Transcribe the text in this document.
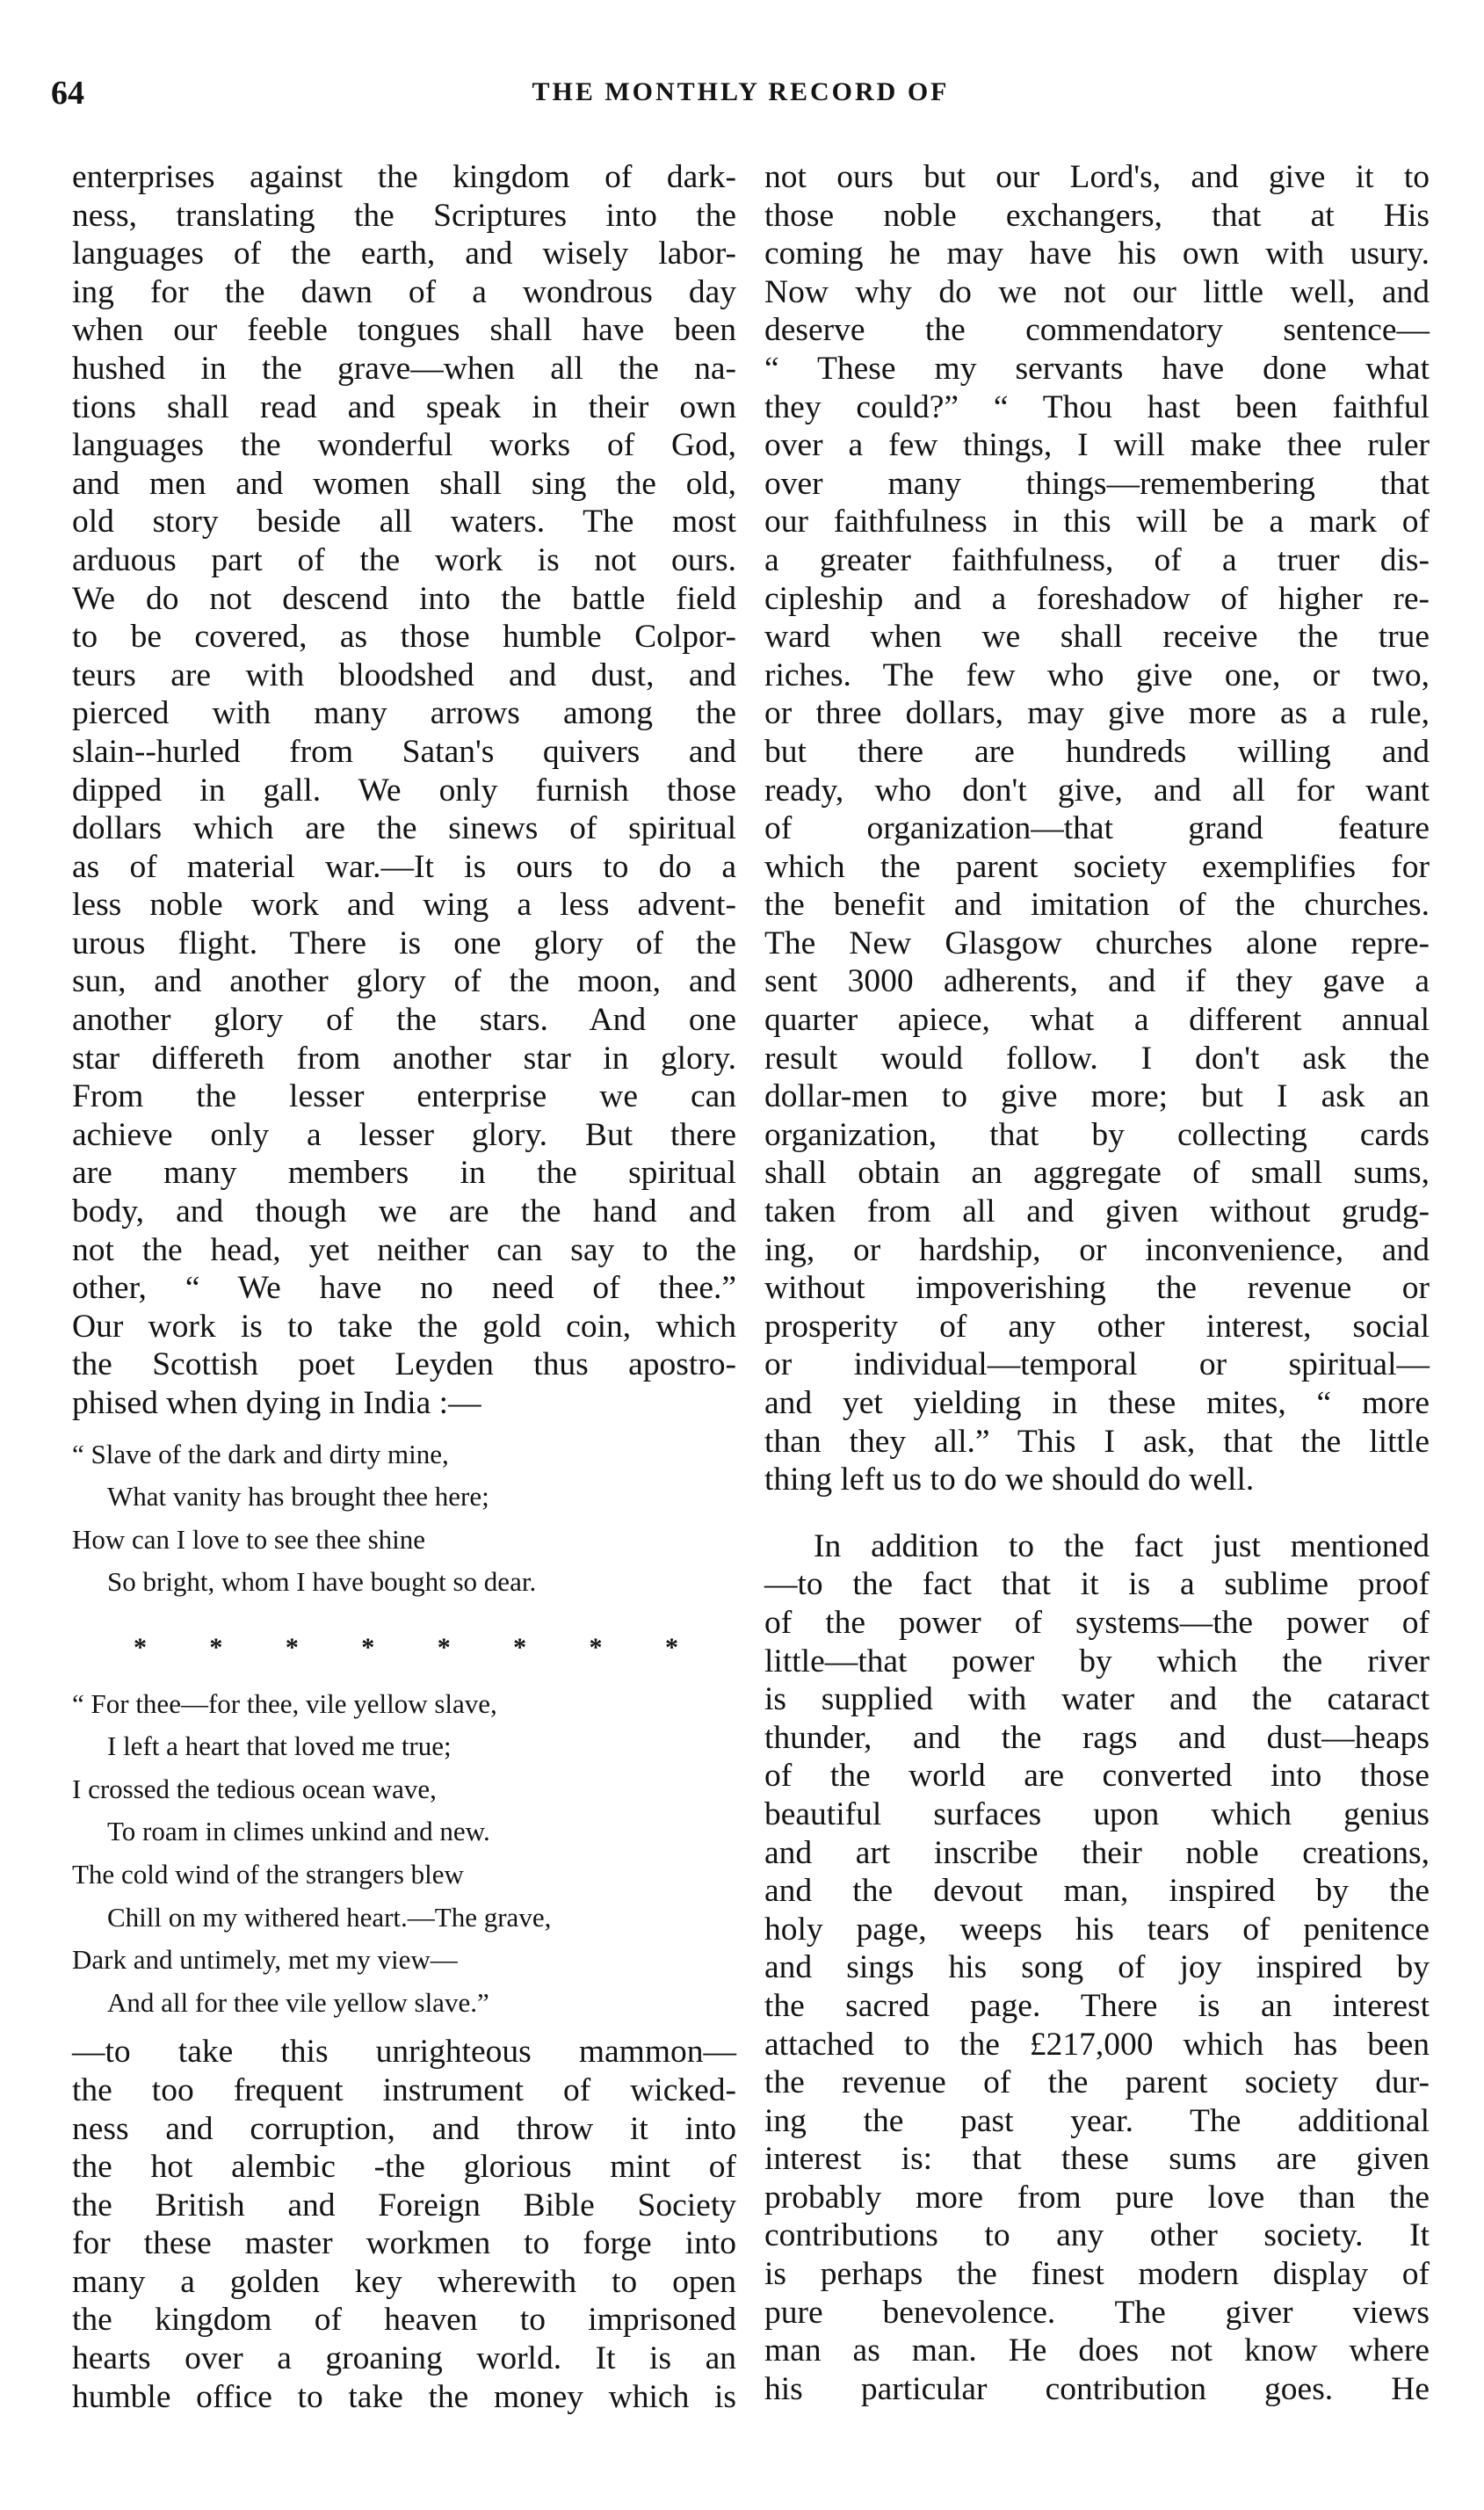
64	THE MONTHLY RECORD OF
enterprises against the kingdom of dark-
ness, translating the Scriptures into the
languages of the earth, and wisely labor-
ing for the dawn of a wondrous day
when our feeble tongues shall have been
hushed in the grave—when all the na-
tions shall read and speak in their own
languages the wonderful works of God,
and men and women shall sing the old,
old story beside all waters. The most
arduous part of the work is not ours.
We do not descend into the battle field
to be covered, as those humble Colpor-
teurs are with bloodshed and dust, and
pierced with many arrows among the
slain--hurled from Satan's quivers and
dipped in gall. We only furnish those
dollars which are the sinews of spiritual
as of material war.—It is ours to do a
less noble work and wing a less advent-
urous flight. There is one glory of the
sun, and another glory of the moon, and
another glory of the stars. And one
star differeth from another star in glory.
From the lesser enterprise we can
achieve only a lesser glory. But there
are many members in the spiritual
body, and though we are the hand and
not the head, yet neither can say to the
other, “ We have no need of thee.”
Our work is to take the gold coin, which
the Scottish poet Leyden thus apostro-
phised when dying in India :—
“ Slave of the dark and dirty mine,
What vanity has brought thee here;
How can I love to see thee shine
So bright, whom I have bought so dear.
* * * * * * * *
“ For thee—for thee, vile yellow slave,
I left a heart that loved me true;
I crossed the tedious ocean wave,
To roam in climes unkind and new.
The cold wind of the strangers blew
Chill on my withered heart.—The grave,
Dark and untimely, met my view—
And all for thee vile yellow slave.”
—to take this unrighteous mammon—
the too frequent instrument of wicked-
ness and corruption, and throw it into
the hot alembic -the glorious mint of
the British and Foreign Bible Society
for these master workmen to forge into
many a golden key wherewith to open
the kingdom of heaven to imprisoned
hearts over a groaning world. It is an
humble office to take the money which is
not ours but our Lord's, and give it to
those noble exchangers, that at His
coming he may have his own with usury.
Now why do we not our little well, and
deserve the commendatory sentence—
“ These my servants have done what
they could?” “ Thou hast been faithful
over a few things, I will make thee ruler
over many things—remembering that
our faithfulness in this will be a mark of
a greater faithfulness, of a truer dis-
cipleship and a foreshadow of higher re-
ward when we shall receive the true
riches. The few who give one, or two,
or three dollars, may give more as a rule,
but there are hundreds willing and
ready, who don't give, and all for want
of organization—that grand feature
which the parent society exemplifies for
the benefit and imitation of the churches.
The New Glasgow churches alone repre-
sent 3000 adherents, and if they gave a
quarter apiece, what a different annual
result would follow. I don't ask the
dollar-men to give more; but I ask an
organization, that by collecting cards
shall obtain an aggregate of small sums,
taken from all and given without grudg-
ing, or hardship, or inconvenience, and
without impoverishing the revenue or
prosperity of any other interest, social
or individual—temporal or spiritual—
and yet yielding in these mites, “ more
than they all.” This I ask, that the little
thing left us to do we should do well.
In addition to the fact just mentioned
—to the fact that it is a sublime proof
of the power of systems—the power of
little—that power by which the river
is supplied with water and the cataract
thunder, and the rags and dust—heaps
of the world are converted into those
beautiful surfaces upon which genius
and art inscribe their noble creations,
and the devout man, inspired by the
holy page, weeps his tears of penitence
and sings his song of joy inspired by
the sacred page. There is an interest
attached to the £217,000 which has been
the revenue of the parent society dur-
ing the past year. The additional
interest is: that these sums are given
probably more from pure love than the
contributions to any other society. It
is perhaps the finest modern display of
pure benevolence. The giver views
man as man. He does not know where
his particular contribution goes. He
